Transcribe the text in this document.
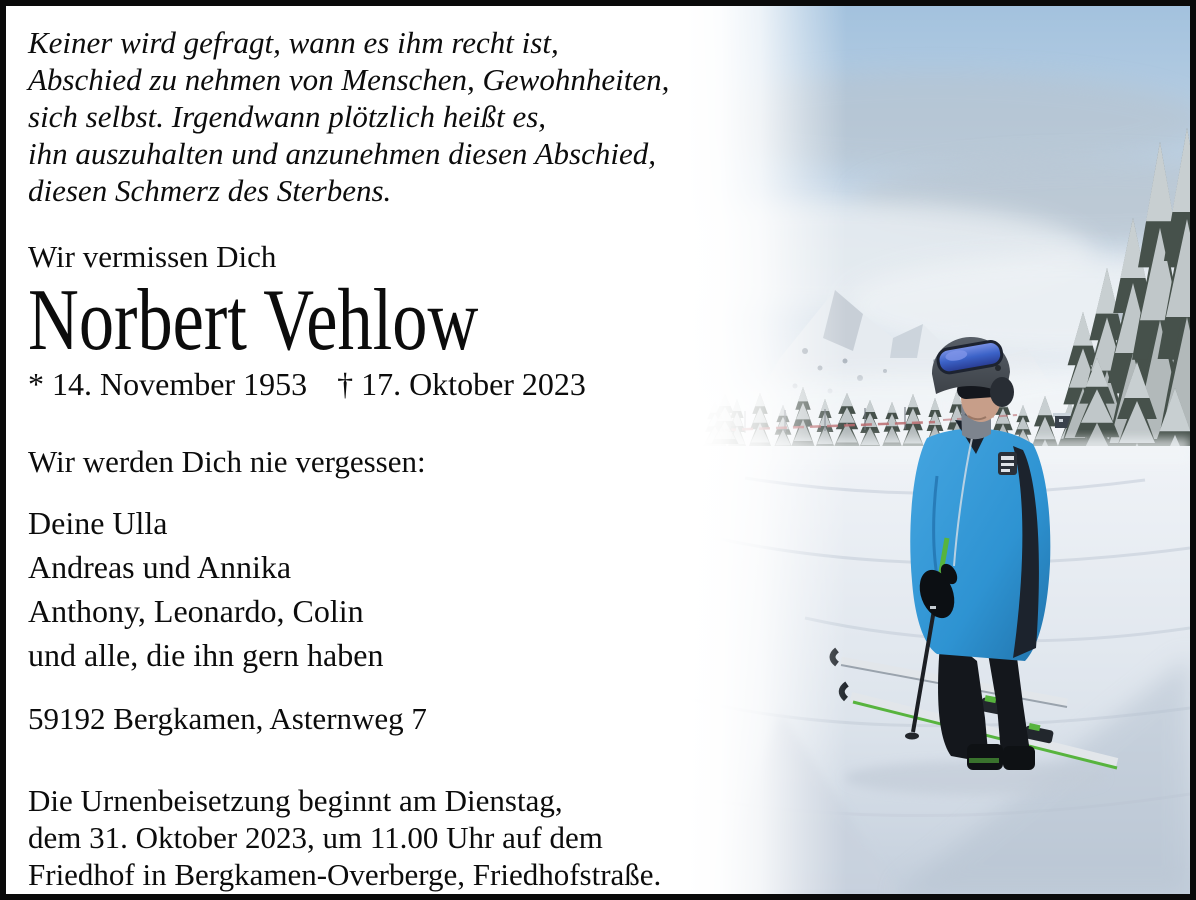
Keiner wird gefragt, wann es ihm recht ist,
Abschied zu nehmen von Menschen, Gewohnheiten,
sich selbst. Irgendwann plötzlich heißt es,
ihn auszuhalten und anzunehmen diesen Abschied,
diesen Schmerz des Sterbens.
Wir vermissen Dich
Norbert Vehlow
* 14. November 1953 † 17. Oktober 2023
Wir werden Dich nie vergessen:
Deine Ulla
Andreas und Annika
Anthony, Leonardo, Colin
und alle, die ihn gern haben
59192 Bergkamen, Asternweg 7
Die Urnenbeisetzung beginnt am Dienstag,
dem 31. Oktober 2023, um 11.00 Uhr auf dem
Friedhof in Bergkamen-Overberge, Friedhofstraße.
